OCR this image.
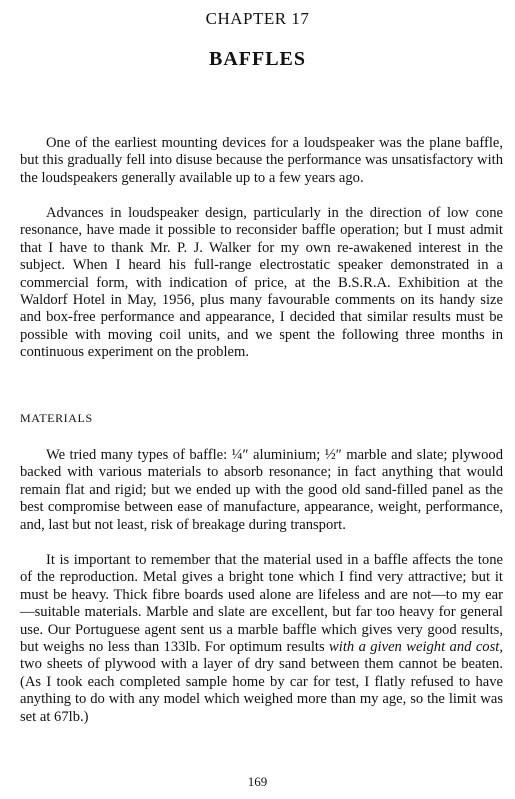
CHAPTER 17
BAFFLES

One of the earliest mounting devices for a loudspeaker was the plane baffle, but this gradually fell into disuse because the performance was unsatisfactory with the loudspeakers generally available up to a few years ago.

Advances in loudspeaker design, particularly in the direction of low cone resonance, have made it possible to reconsider baffle operation; but I must admit that I have to thank Mr. P. J. Walker for my own re-awakened interest in the subject. When I heard his full-range electrostatic speaker demonstrated in a commercial form, with indication of price, at the B.S.R.A. Exhibition at the Waldorf Hotel in May, 1956, plus many favourable comments on its handy size and box-free performance and appearance, I decided that similar results must be possible with moving coil units, and we spent the following three months in continuous experiment on the problem.

MATERIALS

We tried many types of baffle: ¼″ aluminium; ½″ marble and slate; plywood backed with various materials to absorb resonance; in fact anything that would remain flat and rigid; but we ended up with the good old sand-filled panel as the best compromise between ease of manufacture, appearance, weight, performance, and, last but not least, risk of breakage during transport.

It is important to remember that the material used in a baffle affects the tone of the reproduction. Metal gives a bright tone which I find very attractive; but it must be heavy. Thick fibre boards used alone are lifeless and are not—to my ear—suitable materials. Marble and slate are excellent, but far too heavy for general use. Our Portuguese agent sent us a marble baffle which gives very good results, but weighs no less than 133lb. For optimum results with a given weight and cost, two sheets of plywood with a layer of dry sand between them cannot be beaten. (As I took each completed sample home by car for test, I flatly refused to have anything to do with any model which weighed more than my age, so the limit was set at 67lb.)

169
